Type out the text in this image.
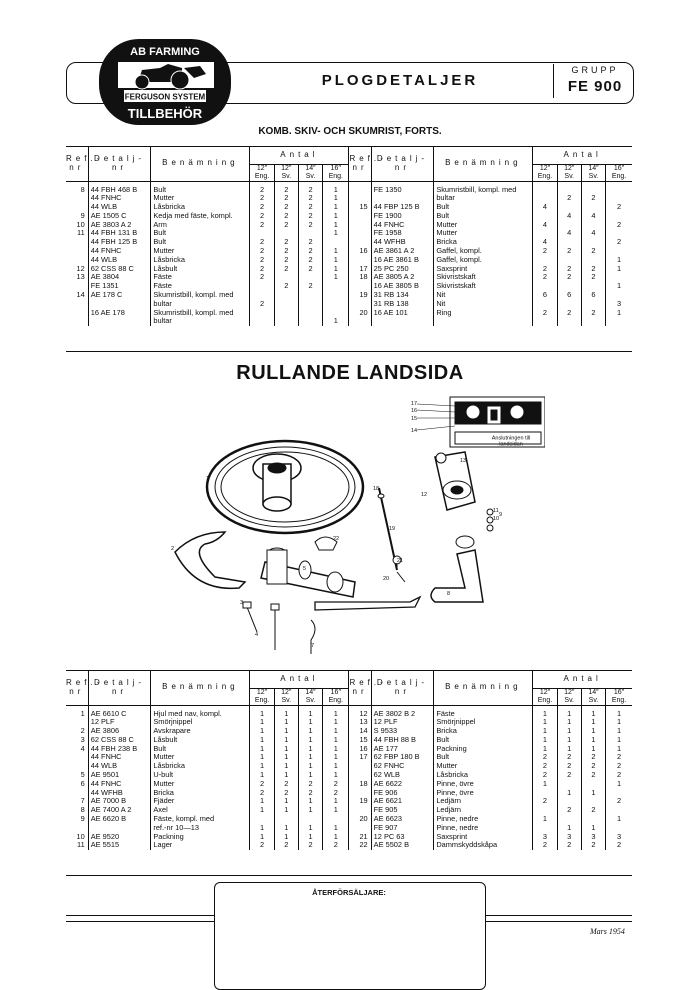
AB FARMING
FERGUSON SYSTEM
TILLBEHÖR
PLOGDETALJER
GRUPP
FE 900
KOMB. SKIV- OCH SKUMRIST, FORTS.
Ref.-
nr	Detalj-
nr	Benämning	Antal				Ref.-
nr	Detalj-
nr	Benämning	Antal			
			12″
Eng.	12″
Sv.	14″
Sv.	16″
Eng.				12″
Eng.	12″
Sv.	14″
Sv.	16″
Eng.
8	44 FBH 468 B	Bult	2	2	2	1		FE 1350	Skumristbill, kompl. med				
	44 FNHC	Mutter	2	2	2	1			bultar		2	2	
	44 WLB	Låsbricka	2	2	2	1	15	44 FBP 125 B	Bult	4			2
9	AE 1505 C	Kedja med fäste, kompl.	2	2	2	1		FE 1900	Bult		4	4	
10	AE 3803 A 2	Arm	2	2	2	1		44 FNHC	Mutter	4			2
11	44 FBH 131 B	Bult				1		FE 1958	Mutter		4	4	
	44 FBH 125 B	Bult	2	2	2			44 WFHB	Bricka	4			2
	44 FNHC	Mutter	2	2	2	1	16	AE 3861 A 2	Gaffel, kompl.	2	2	2	
	44 WLB	Låsbricka	2	2	2	1		16 AE 3861 B	Gaffel, kompl.				1
12	62 CSS 88 C	Låsbult	2	2	2	1	17	25 PC 250	Saxsprint	2	2	2	1
13	AE 3804	Fäste	2			1	18	AE 3805 A 2	Skivristskaft	2	2	2	
	FE 1351	Fäste		2	2			16 AE 3805 B	Skivristskaft				1
14	AE 178 C	Skumristbill, kompl. med					19	31 RB 134	Nit	6	6	6	
		bultar	2					31 RB 138	Nit				3
	16 AE 178	Skumristbill, kompl. med					20	16 AE 101	Ring	2	2	2	1
		bultar				1							
RULLANDE LANDSIDA
Anslutningen till
landsidan
1
2
3
4
5	6
7
8
9
10
11
12
13
14
15
16
17
18
19
20
21
22
Ref.-
nr	Detalj-
nr	Benämning	Antal				Ref.-
nr	Detalj-
nr	Benämning	Antal			
			12″
Eng.	12″
Sv.	14″
Sv.	16″
Eng.				12″
Eng.	12″
Sv.	14″
Sv.	16″
Eng.
1	AE 6610 C	Hjul med nav, kompl.	1	1	1	1	12	AE 3802 B 2	Fäste	1	1	1	1
	12 PLF	Smörjnippel	1	1	1	1	13	12 PLF	Smörjnippel	1	1	1	1
2	AE 3806	Avskrapare	1	1	1	1	14	S 9533	Bricka	1	1	1	1
3	62 CSS 88 C	Låsbult	1	1	1	1	15	44 FBH 88 B	Bult	1	1	1	1
4	44 FBH 238 B	Bult	1	1	1	1	16	AE 177	Packning	1	1	1	1
	44 FNHC	Mutter	1	1	1	1	17	62 FBP 180 B	Bult	2	2	2	2
	44 WLB	Låsbricka	1	1	1	1		62 FNHC	Mutter	2	2	2	2
5	AE 9501	U-bult	1	1	1	1		62 WLB	Låsbricka	2	2	2	2
6	44 FNHC	Mutter	2	2	2	2	18	AE 6622	Pinne, övre	1			1
	44 WFHB	Bricka	2	2	2	2		FE 906	Pinne, övre		1	1	
7	AE 7000 B	Fjäder	1	1	1	1	19	AE 6621	Ledjärn	2			2
8	AE 7400 A 2	Axel	1	1	1	1		FE 905	Ledjärn		2	2	
9	AE 6620 B	Fäste, kompl. med					20	AE 6623	Pinne, nedre	1			1
		ref.-nr 10—13	1	1	1	1		FE 907	Pinne, nedre		1	1	
10	AE 9520	Packning	1	1	1	1	21	12 PC 63	Saxsprint	3	3	3	3
11	AE 5515	Lager	2	2	2	2	22	AE 5502 B	Dammskyddskåpa	2	2	2	2
ÅTERFÖRSÄLJARE:
Mars 1954
